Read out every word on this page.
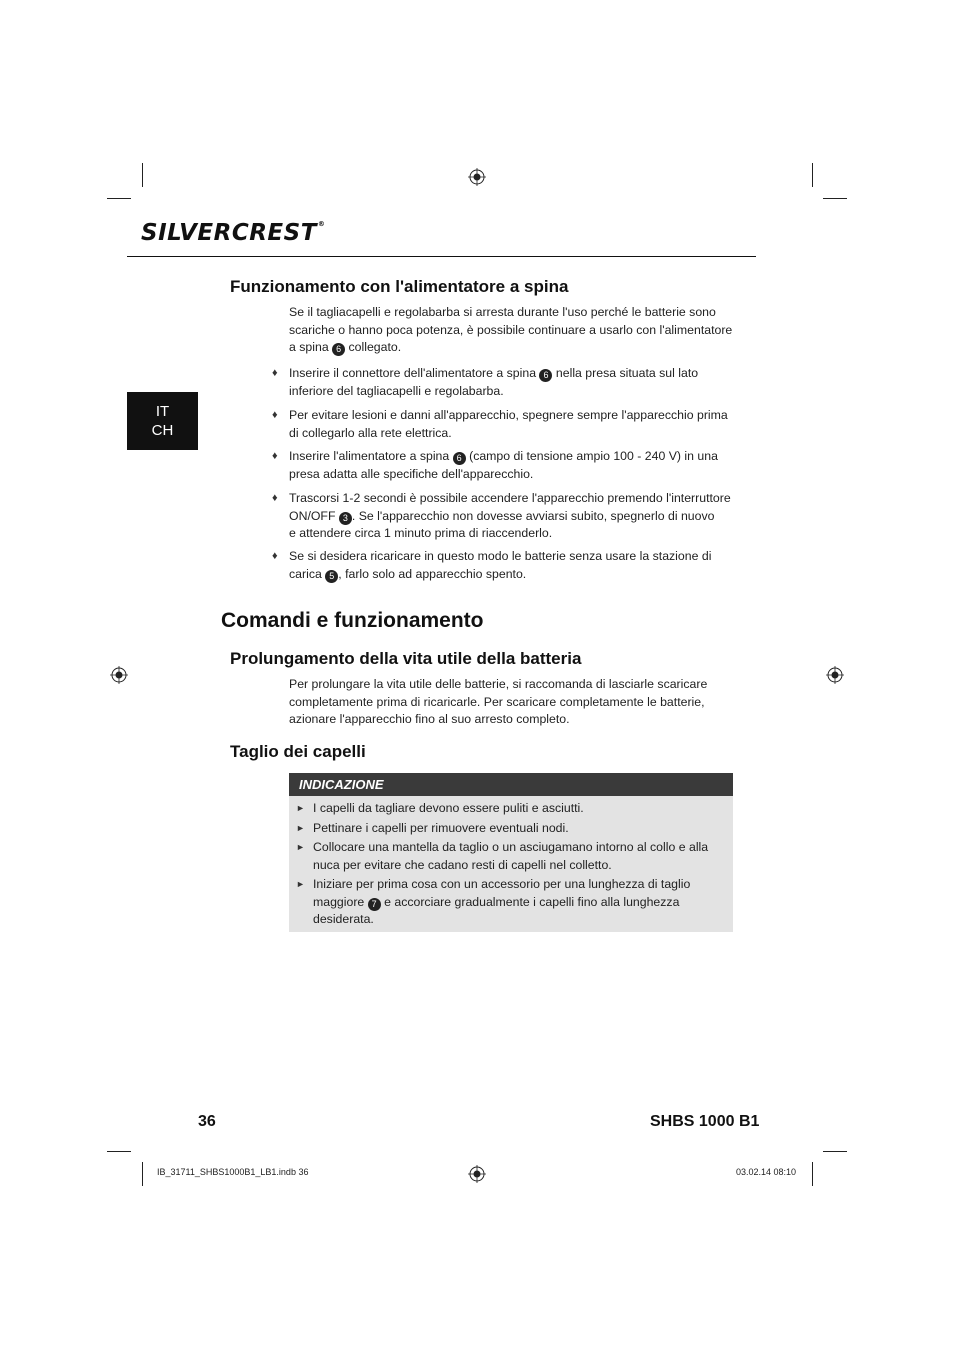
SILVERCREST®
IT
CH
Funzionamento con l'alimentatore a spina
Se il tagliacapelli e regolabarba si arresta durante l'uso perché le batterie sono
scariche o hanno poca potenza, è possibile continuare a usarlo con l'alimentatore
a spina 6 collegato.
♦ Inserire il connettore dell'alimentatore a spina 6 nella presa situata sul lato
inferiore del tagliacapelli e regolabarba.
♦ Per evitare lesioni e danni all'apparecchio, spegnere sempre l'apparecchio prima
di collegarlo alla rete elettrica.
♦ Inserire l'alimentatore a spina 6 (campo di tensione ampio 100 - 240 V) in una
presa adatta alle specifiche dell'apparecchio.
♦ Trascorsi 1-2 secondi è possibile accendere l'apparecchio premendo l'interruttore
ON/OFF 3 . Se l'apparecchio non dovesse avviarsi subito, spegnerlo di nuovo
e attendere circa 1 minuto prima di riaccenderlo.
♦ Se si desidera ricaricare in questo modo le batterie senza usare la stazione di
carica 5 , farlo solo ad apparecchio spento.
Comandi e funzionamento
Prolungamento della vita utile della batteria
Per prolungare la vita utile delle batterie, si raccomanda di lasciarle scaricare
completamente prima di ricaricarle. Per scaricare completamente le batterie,
azionare l'apparecchio fino al suo arresto completo.
Taglio dei capelli
INDICAZIONE
► I capelli da tagliare devono essere puliti e asciutti.
► Pettinare i capelli per rimuovere eventuali nodi.
► Collocare una mantella da taglio o un asciugamano intorno al collo e alla
nuca per evitare che cadano resti di capelli nel colletto.
► Iniziare per prima cosa con un accessorio per una lunghezza di taglio
maggiore 7 e accorciare gradualmente i capelli fino alla lunghezza
desiderata.
36	SHBS 1000 B1
IB_31711_SHBS1000B1_LB1.indb 36	03.02.14 08:10
